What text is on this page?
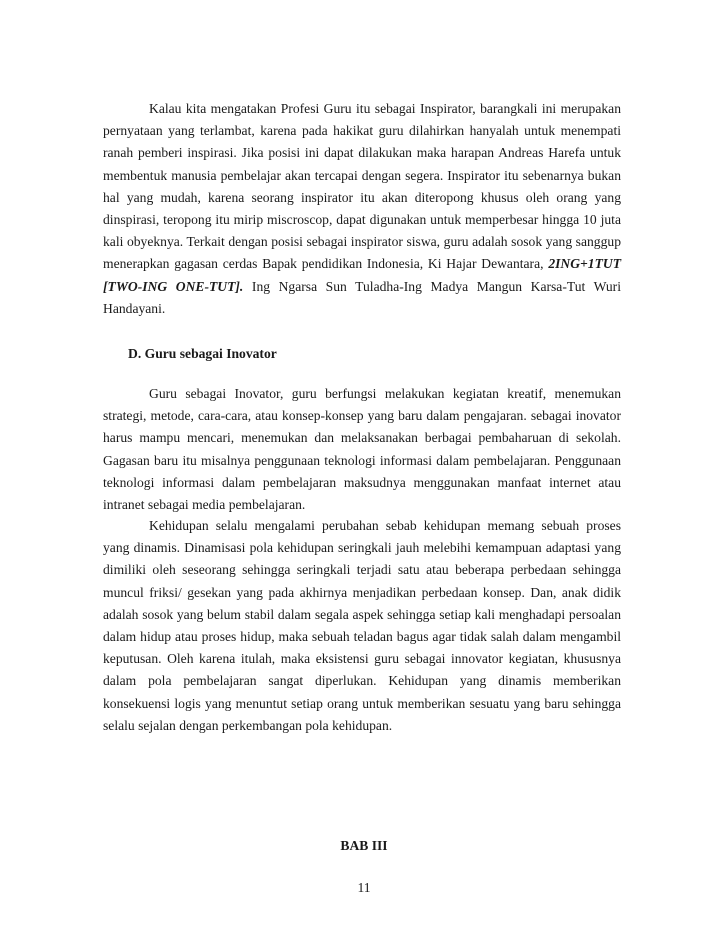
Kalau kita mengatakan Profesi Guru itu sebagai Inspirator, barangkali ini merupakan pernyataan yang terlambat, karena pada hakikat guru dilahirkan hanyalah untuk menempati ranah pemberi inspirasi. Jika posisi ini dapat dilakukan maka harapan Andreas Harefa untuk membentuk manusia pembelajar akan tercapai dengan segera. Inspirator itu sebenarnya bukan hal yang mudah, karena seorang inspirator itu akan diteropong khusus oleh orang yang dinspirasi, teropong itu mirip miscroscop, dapat digunakan untuk memperbesar hingga 10 juta kali obyeknya. Terkait dengan posisi sebagai inspirator siswa, guru adalah sosok yang sanggup menerapkan gagasan cerdas Bapak pendidikan Indonesia, Ki Hajar Dewantara, 2ING+1TUT [TWO-ING ONE-TUT]. Ing Ngarsa Sun Tuladha-Ing Madya Mangun Karsa-Tut Wuri Handayani.

D. Guru sebagai Inovator

Guru sebagai Inovator, guru berfungsi melakukan kegiatan kreatif, menemukan strategi, metode, cara-cara, atau konsep-konsep yang baru dalam pengajaran. sebagai inovator harus mampu mencari, menemukan dan melaksanakan berbagai pembaharuan di sekolah. Gagasan baru itu misalnya penggunaan teknologi informasi dalam pembelajaran. Penggunaan teknologi informasi dalam pembelajaran maksudnya menggunakan manfaat internet atau intranet sebagai media pembelajaran.

Kehidupan selalu mengalami perubahan sebab kehidupan memang sebuah proses yang dinamis. Dinamisasi pola kehidupan seringkali jauh melebihi kemampuan adaptasi yang dimiliki oleh seseorang sehingga seringkali terjadi satu atau beberapa perbedaan sehingga muncul friksi/ gesekan yang pada akhirnya menjadikan perbedaan konsep. Dan, anak didik adalah sosok yang belum stabil dalam segala aspek sehingga setiap kali menghadapi persoalan dalam hidup atau proses hidup, maka sebuah teladan bagus agar tidak salah dalam mengambil keputusan. Oleh karena itulah, maka eksistensi guru sebagai innovator kegiatan, khususnya dalam pola pembelajaran sangat diperlukan. Kehidupan yang dinamis memberikan konsekuensi logis yang menuntut setiap orang untuk memberikan sesuatu yang baru sehingga selalu sejalan dengan perkembangan pola kehidupan.

BAB III
11
